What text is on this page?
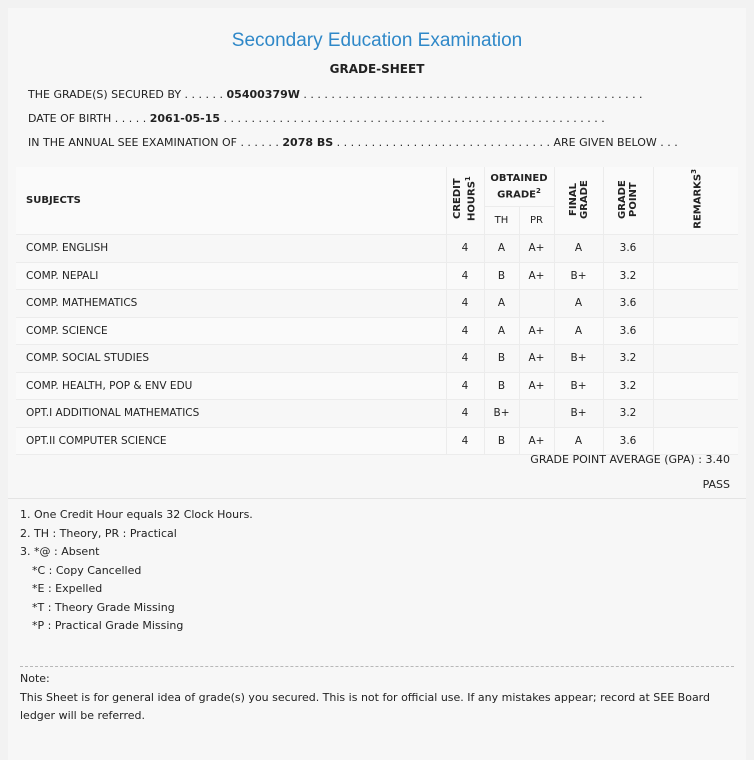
Secondary Education Examination
GRADE-SHEET
THE GRADE(S) SECURED BY . . . . . . 05400379W . . . . . . . . . . . . . . . . . . . . . . . . . . . . . . . . . . . . . . . . . . . . . . . . .
DATE OF BIRTH . . . . . 2061-05-15 . . . . . . . . . . . . . . . . . . . . . . . . . . . . . . . . . . . . . . . . . . . . . . . . . . . . . . .
IN THE ANNUAL SEE EXAMINATION OF . . . . . . 2078 BS . . . . . . . . . . . . . . . . . . . . . . . . . . . . . . . ARE GIVEN BELOW . . .
SUBJECTS	CREDIT HOURS$^1$	OBTAINED GRADE$^2$		FINAL GRADE	GRADE POINT	REMARKS$^3$
		TH	PR			
COMP. ENGLISH	4	A	A+	A	3.6	
COMP. NEPALI	4	B	A+	B+	3.2	
COMP. MATHEMATICS	4	A		A	3.6	
COMP. SCIENCE	4	A	A+	A	3.6	
COMP. SOCIAL STUDIES	4	B	A+	B+	3.2	
COMP. HEALTH, POP & ENV EDU	4	B	A+	B+	3.2	
OPT.I ADDITIONAL MATHEMATICS	4	B+		B+	3.2	
OPT.II COMPUTER SCIENCE	4	B	A+	A	3.6	
GRADE POINT AVERAGE (GPA) : 3.40
PASS
1. One Credit Hour equals 32 Clock Hours.
2. TH : Theory, PR : Practical
3. *@ : Absent
*C : Copy Cancelled
*E : Expelled
*T : Theory Grade Missing
*P : Practical Grade Missing
Note:
This Sheet is for general idea of grade(s) you secured. This is not for official use. If any mistakes appear; record at SEE Board ledger will be referred.
